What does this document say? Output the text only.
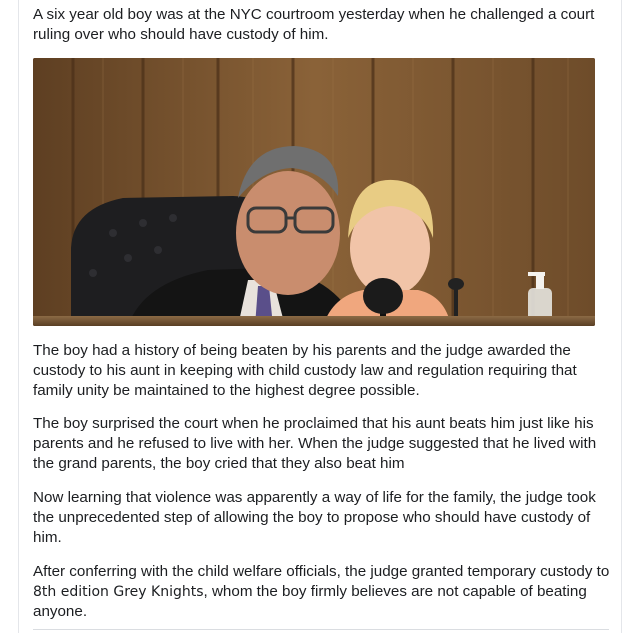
A six year old boy was at the NYC courtroom yesterday when he challenged a court ruling over who should have custody of him.

The boy had a history of being beaten by his parents and the judge awarded the custody to his aunt in keeping with child custody law and regulation requiring that family unity be maintained to the highest degree possible.

The boy surprised the court when he proclaimed that his aunt beats him just like his parents and he refused to live with her. When the judge suggested that he lived with the grand parents, the boy cried that they also beat him

Now learning that violence was apparently a way of life for the family, the judge took the unprecedented step of allowing the boy to propose who should have custody of him.

After conferring with the child welfare officials, the judge granted temporary custody to 8th edition Grey Knights, whom the boy firmly believes are not capable of beating anyone.
